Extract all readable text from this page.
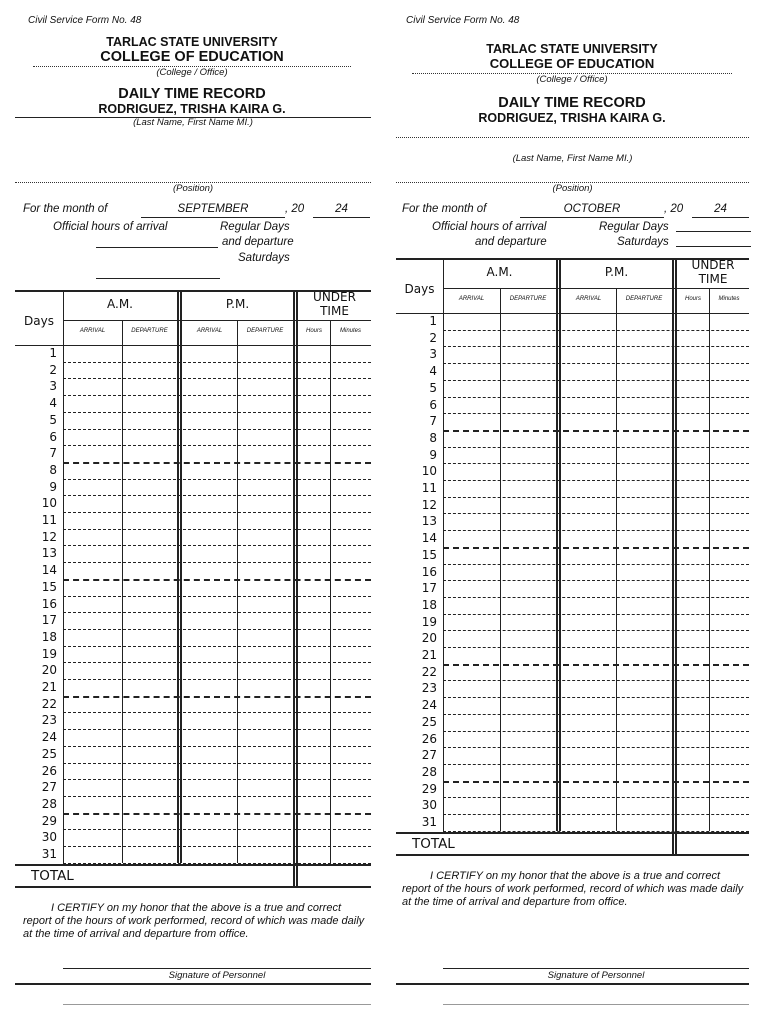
Civil Service Form No. 48
TARLAC STATE UNIVERSITY
COLLEGE OF EDUCATION
(College / Office)
DAILY TIME RECORD
RODRIGUEZ, TRISHA KAIRA G.
(Last Name, First Name MI.)
(Position)
For the month of	SEPTEMBER	, 20	24
Official hours of arrival	Regular Days
and departure
Saturdays
Days
A.M.	P.M.	UNDER
TIME
ARRIVAL	DEPARTURE	ARRIVAL	DEPARTURE	Hours	Minutes
1
2
3
4
5
6
7
8
9
10
11
12
13
14
15
16
17
18
19
20
21
22
23
24
25
26
27
28
29
30
31
TOTAL
I CERTIFY on my honor that the above is a true and correct report of the hours of work performed, record of which was made daily at the time of arrival and departure from office.
Signature of Personnel
Civil Service Form No. 48
TARLAC STATE UNIVERSITY
COLLEGE OF EDUCATION
(College / Office)
DAILY TIME RECORD
RODRIGUEZ, TRISHA KAIRA G.
(Last Name, First Name MI.)
(Position)
For the month of	OCTOBER	, 20	24
Official hours of arrival	Regular Days
and departure	Saturdays
Days
A.M.	P.M.	UNDER
TIME
ARRIVAL	DEPARTURE	ARRIVAL	DEPARTURE	Hours	Minutes
1
2
3
4
5
6
7
8
9
10
11
12
13
14
15
16
17
18
19
20
21
22
23
24
25
26
27
28
29
30
31
TOTAL
I CERTIFY on my honor that the above is a true and correct report of the hours of work performed, record of which was made daily at the time of arrival and departure from office.
Signature of Personnel
